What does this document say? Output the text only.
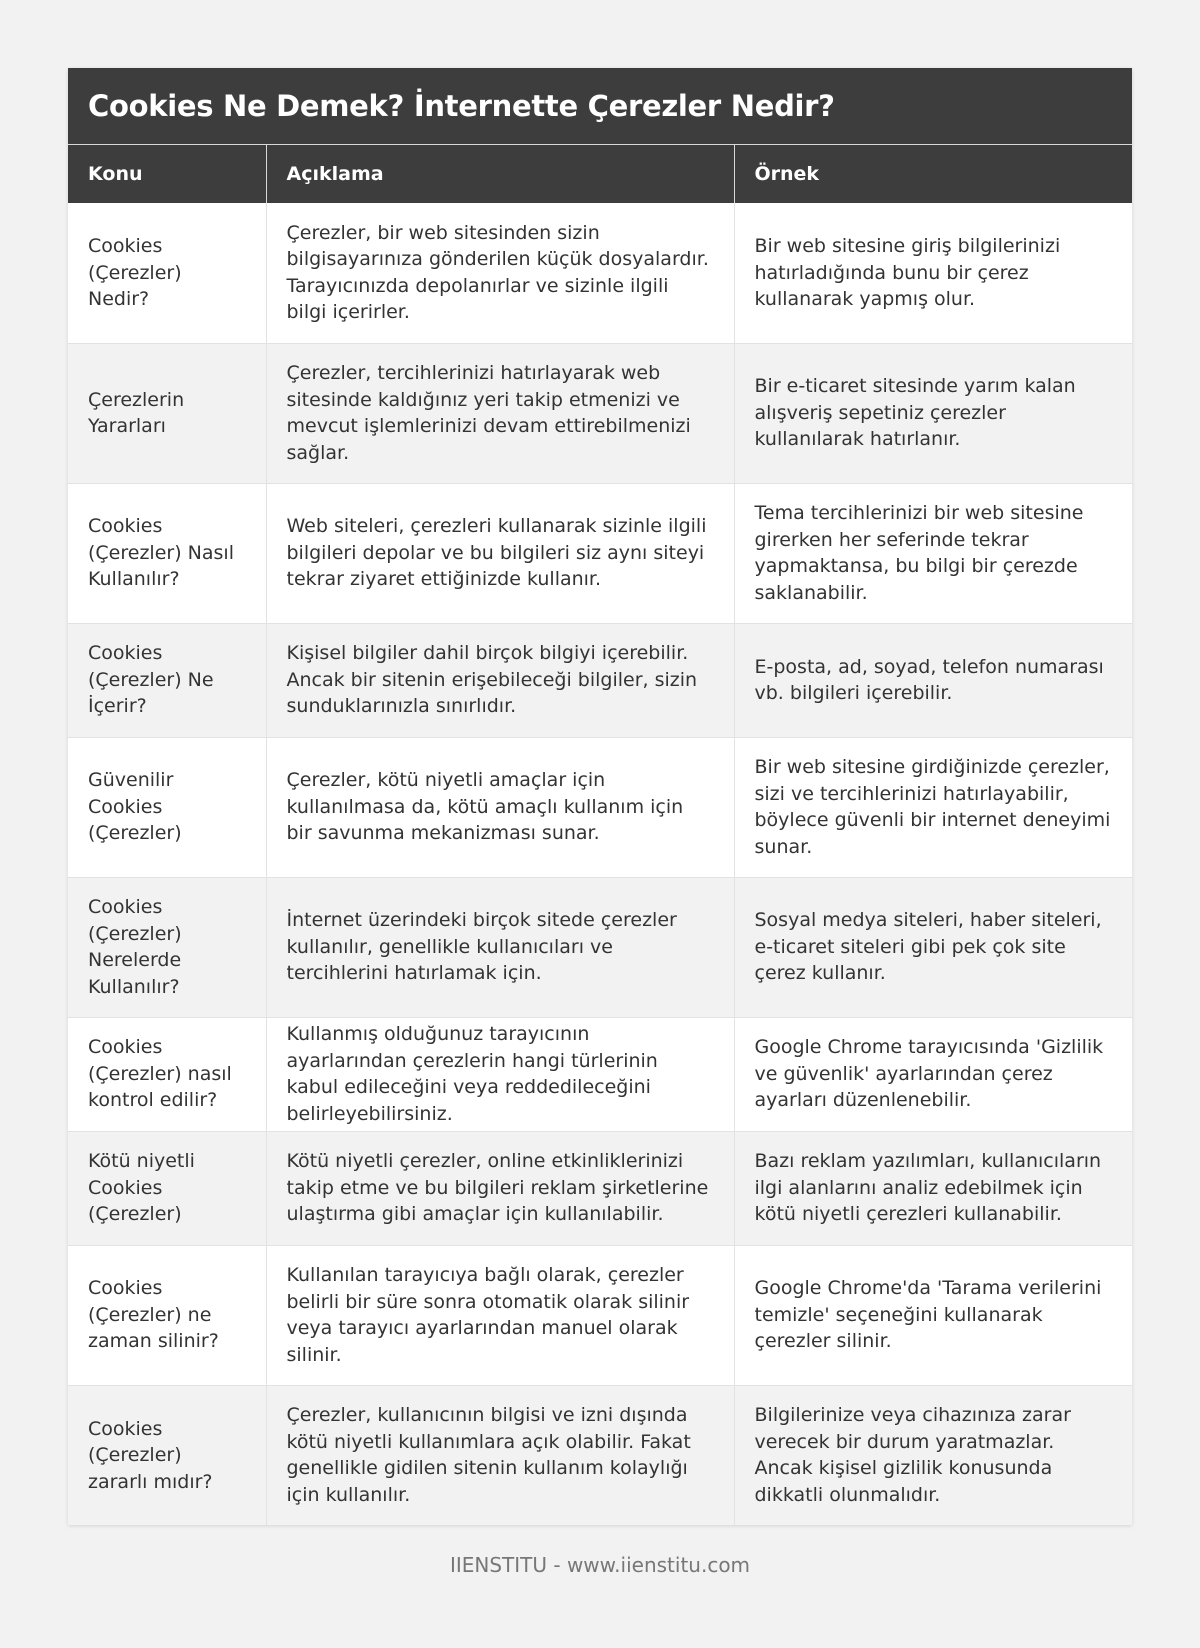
Cookies Ne Demek? İnternette Çerezler Nedir?
Konu	Açıklama	Örnek
Cookies (Çerezler) Nedir?	Çerezler, bir web sitesinden sizin bilgisayarınıza gönderilen küçük dosyalardır. Tarayıcınızda depolanırlar ve sizinle ilgili bilgi içerirler.	Bir web sitesine giriş bilgilerinizi hatırladığında bunu bir çerez kullanarak yapmış olur.
Çerezlerin Yararları	Çerezler, tercihlerinizi hatırlayarak web sitesinde kaldığınız yeri takip etmenizi ve mevcut işlemlerinizi devam ettirebilmenizi sağlar.	Bir e-ticaret sitesinde yarım kalan alışveriş sepetiniz çerezler kullanılarak hatırlanır.
Cookies (Çerezler) Nasıl Kullanılır?	Web siteleri, çerezleri kullanarak sizinle ilgili bilgileri depolar ve bu bilgileri siz aynı siteyi tekrar ziyaret ettiğinizde kullanır.	Tema tercihlerinizi bir web sitesine girerken her seferinde tekrar yapmaktansa, bu bilgi bir çerezde saklanabilir.
Cookies (Çerezler) Ne İçerir?	Kişisel bilgiler dahil birçok bilgiyi içerebilir. Ancak bir sitenin erişebileceği bilgiler, sizin sunduklarınızla sınırlıdır.	E-posta, ad, soyad, telefon numarası vb. bilgileri içerebilir.
Güvenilir Cookies (Çerezler)	Çerezler, kötü niyetli amaçlar için kullanılmasa da, kötü amaçlı kullanım için bir savunma mekanizması sunar.	Bir web sitesine girdiğinizde çerezler, sizi ve tercihlerinizi hatırlayabilir, böylece güvenli bir internet deneyimi sunar.
Cookies (Çerezler) Nerelerde Kullanılır?	İnternet üzerindeki birçok sitede çerezler kullanılır, genellikle kullanıcıları ve tercihlerini hatırlamak için.	Sosyal medya siteleri, haber siteleri, e-ticaret siteleri gibi pek çok site çerez kullanır.
Cookies (Çerezler) nasıl kontrol edilir?	Kullanmış olduğunuz tarayıcının ayarlarından çerezlerin hangi türlerinin kabul edileceğini veya reddedileceğini belirleyebilirsiniz.	Google Chrome tarayıcısında 'Gizlilik ve güvenlik' ayarlarından çerez ayarları düzenlenebilir.
Kötü niyetli Cookies (Çerezler)	Kötü niyetli çerezler, online etkinliklerinizi takip etme ve bu bilgileri reklam şirketlerine ulaştırma gibi amaçlar için kullanılabilir.	Bazı reklam yazılımları, kullanıcıların ilgi alanlarını analiz edebilmek için kötü niyetli çerezleri kullanabilir.
Cookies (Çerezler) ne zaman silinir?	Kullanılan tarayıcıya bağlı olarak, çerezler belirli bir süre sonra otomatik olarak silinir veya tarayıcı ayarlarından manuel olarak silinir.	Google Chrome'da 'Tarama verilerini temizle' seçeneğini kullanarak çerezler silinir.
Cookies (Çerezler) zararlı mıdır?	Çerezler, kullanıcının bilgisi ve izni dışında kötü niyetli kullanımlara açık olabilir. Fakat genellikle gidilen sitenin kullanım kolaylığı için kullanılır.	Bilgilerinize veya cihazınıza zarar verecek bir durum yaratmazlar. Ancak kişisel gizlilik konusunda dikkatli olunmalıdır.
IIENSTITU - www.iienstitu.com
